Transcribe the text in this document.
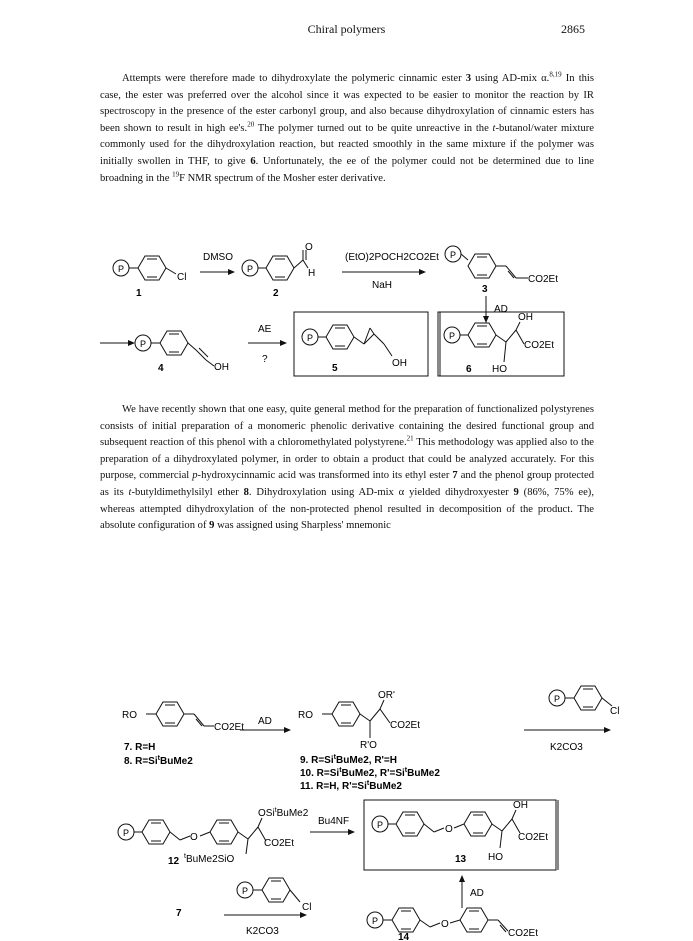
Chiral polymers	2865

Attempts were therefore made to dihydroxylate the polymeric cinnamic ester 3 using AD-mix α.$^{8,19}$ In this case, the ester was preferred over the alcohol since it was expected to be easier to monitor the reaction by IR spectroscopy in the presence of the ester carbonyl group, and also because dihydroxylation of cinnamic esters has been shown to result in high ee's.$^{20}$ The polymer turned out to be quite unreactive in the t-butanol/water mixture commonly used for the dihydroxylation reaction, but reacted smoothly in the same mixture if the polymer was initially swollen in THF, to give 6. Unfortunately, the ee of the polymer could not be determined due to line broadning in the $^{19}$F NMR spectrum of the Mosher ester derivative.

P
Cl
1
DMSO
P
O
H
2
(EtO)2POCH2CO2Et
NaH
P
CO2Et
3
AD
P
OH
4
AE
?
P
OH
5
P
OH
CO2Et
HO
6

We have recently shown that one easy, quite general method for the preparation of functionalized polystyrenes consists of initial preparation of a monomeric phenolic derivative containing the desired functional group and subsequent reaction of this phenol with a chloromethylated polystyrene.$^{21}$ This methodology was applied also to the preparation of a dihydroxylated polymer, in order to obtain a product that could be analyzed accurately. For this purpose, commercial p-hydroxycinnamic acid was transformed into its ethyl ester 7 and the phenol group protected as its t-butyldimethylsilyl ether 8. Dihydroxylation using AD-mix α yielded dihydroxyester 9 (86%, 75% ee), whereas attempted dihydroxylation of the non-protected phenol resulted in decomposition of the product. The absolute configuration of 9 was assigned using Sharpless' mnemonic

RO
CO2Et
7. R=H
8. $R=Si^tBuMe2$
AD
RO
OR'
CO2Et
R'O
9. $R=Si^tBuMe2$, R'=H
10. $R=Si^tBuMe2$, $R'=Si^tBuMe2$
11. R=H, $R'=Si^tBuMe2$
P
Cl
K2CO3
P	O
OSi$^t$BuMe2
CO2Et
12 $^t$BuMe2SiO
Bu4NF	P	O
OH
CO2Et
HO
13
AD
P
Cl
7
K2CO3
P	O
CO2Et
14
